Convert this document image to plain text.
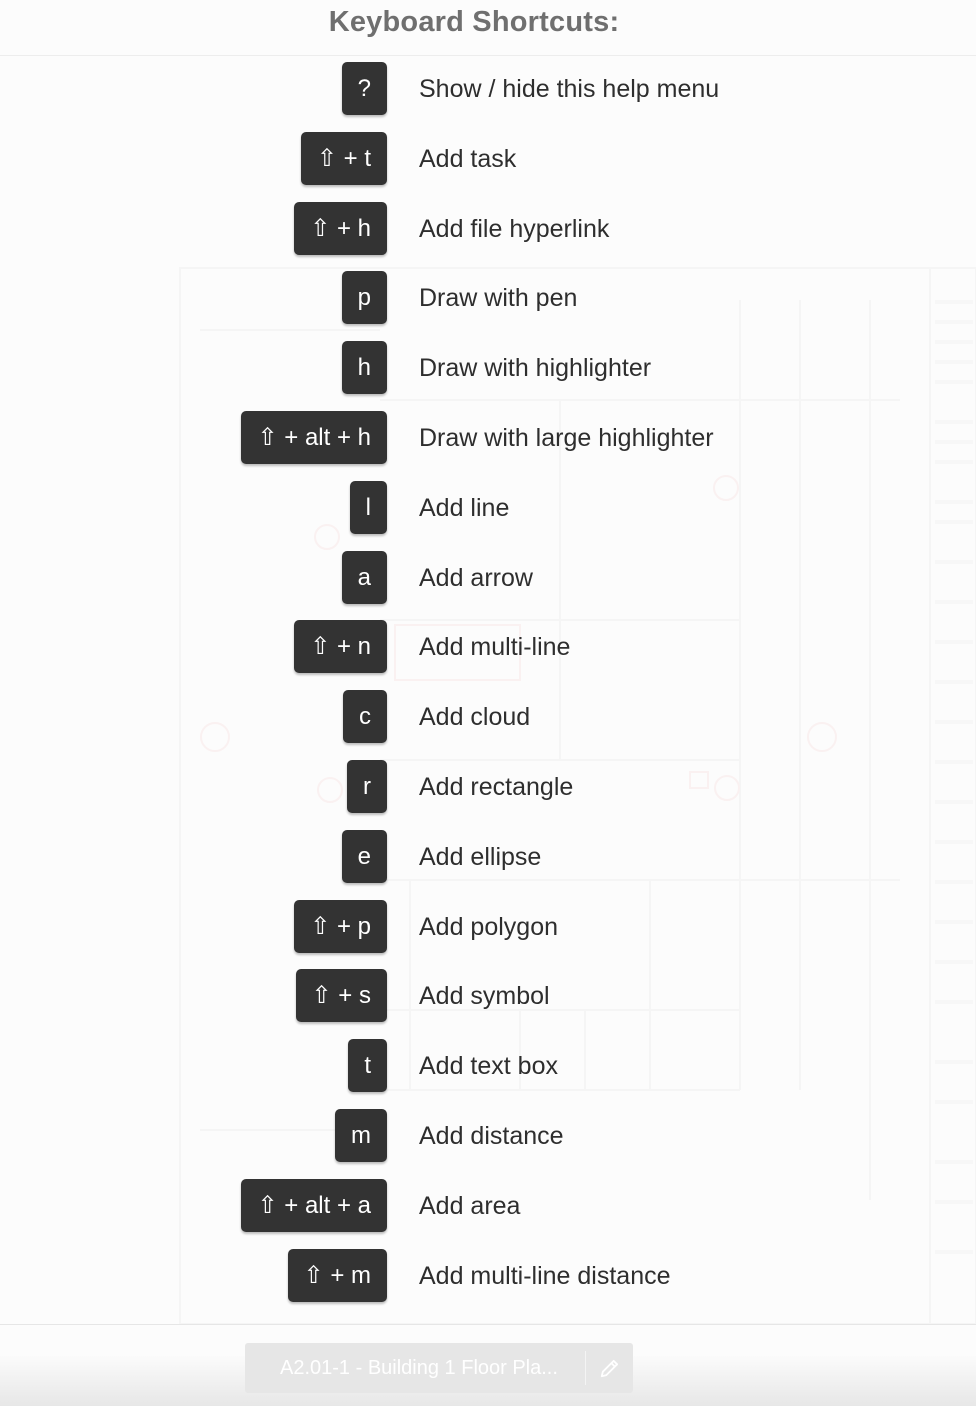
Keyboard Shortcuts:
?	Show / hide this help menu
⇧ + t	Add task
⇧ + h	Add file hyperlink
p	Draw with pen
h	Draw with highlighter
⇧ + alt + h	Draw with large highlighter
l	Add line
a	Add arrow
⇧ + n	Add multi-line
c	Add cloud
r	Add rectangle
e	Add ellipse
⇧ + p	Add polygon
⇧ + s	Add symbol
t	Add text box
m	Add distance
⇧ + alt + a	Add area
⇧ + m	Add multi-line distance
A2.01-1 - Building 1 Floor Pla...
